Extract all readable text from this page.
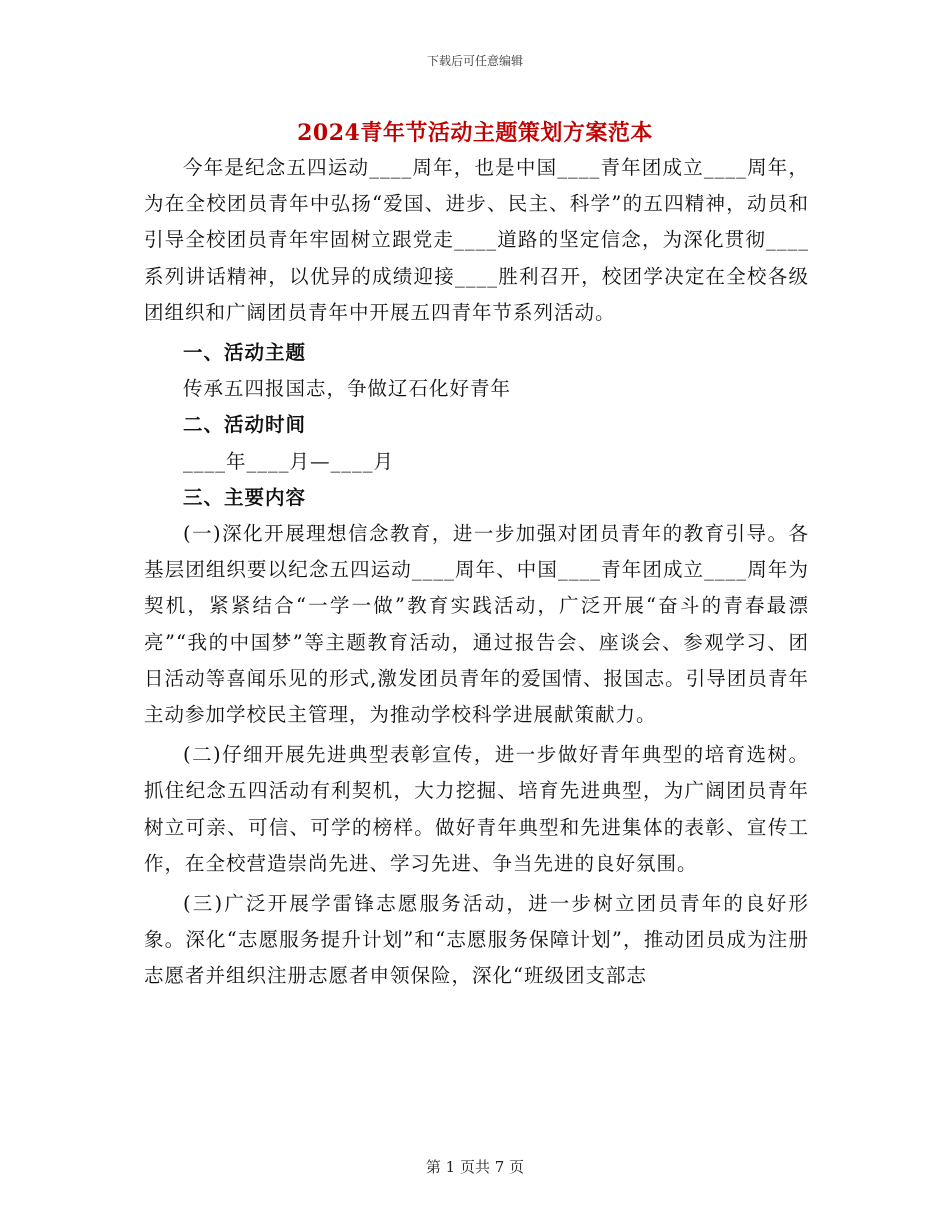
下载后可任意编辑
2024青年节活动主题策划方案范本

今年是纪念五四运动____周年，也是中国____青年团成立____周年，为在全校团员青年中弘扬“爱国、进步、民主、科学”的五四精神，动员和引导全校团员青年牢固树立跟党走____道路的坚定信念，为深化贯彻____系列讲话精神，以优异的成绩迎接____胜利召开，校团学决定在全校各级团组织和广阔团员青年中开展五四青年节系列活动。

一、活动主题

传承五四报国志，争做辽石化好青年

二、活动时间

____年____月—____月

三、主要内容

(一)深化开展理想信念教育，进一步加强对团员青年的教育引导。各基层团组织要以纪念五四运动____周年、中国____青年团成立____周年为契机，紧紧结合“一学一做”教育实践活动，广泛开展“奋斗的青春最漂亮”“我的中国梦”等主题教育活动，通过报告会、座谈会、参观学习、团日活动等喜闻乐见的形式,激发团员青年的爱国情、报国志。引导团员青年主动参加学校民主管理，为推动学校科学进展献策献力。

(二)仔细开展先进典型表彰宣传，进一步做好青年典型的培育选树。抓住纪念五四活动有利契机，大力挖掘、培育先进典型，为广阔团员青年树立可亲、可信、可学的榜样。做好青年典型和先进集体的表彰、宣传工作，在全校营造崇尚先进、学习先进、争当先进的良好氛围。

(三)广泛开展学雷锋志愿服务活动，进一步树立团员青年的良好形象。深化“志愿服务提升计划”和“志愿服务保障计划”，推动团员成为注册志愿者并组织注册志愿者申领保险，深化“班级团支部志

第 1 页共 7 页
